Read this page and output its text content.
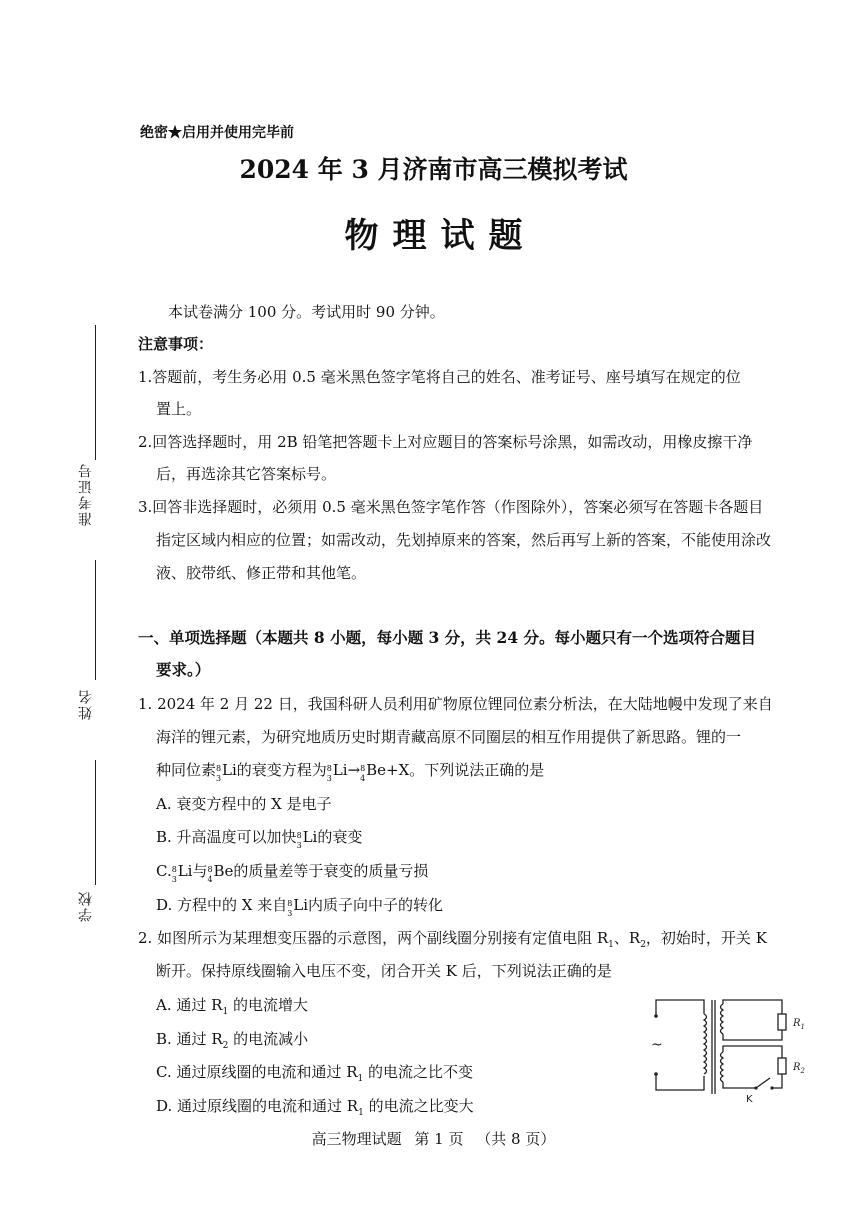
准考证号
姓名
学校
绝密★启用并使用完毕前
2024 年 3 月济南市高三模拟考试
物理试题
本试卷满分 100 分。考试用时 90 分钟。
注意事项：
1.答题前，考生务必用 0.5 毫米黑色签字笔将自己的姓名、准考证号、座号填写在规定的位
置上。
2.回答选择题时，用 2B 铅笔把答题卡上对应题目的答案标号涂黑，如需改动，用橡皮擦干净
后，再选涂其它答案标号。
3.回答非选择题时，必须用 0.5 毫米黑色签字笔作答（作图除外），答案必须写在答题卡各题目
指定区域内相应的位置；如需改动，先划掉原来的答案，然后再写上新的答案，不能使用涂改
液、胶带纸、修正带和其他笔。
一、单项选择题（本题共 8 小题，每小题 3 分，共 24 分。每小题只有一个选项符合题目
要求。）
1. 2024 年 2 月 22 日，我国科研人员利用矿物原位锂同位素分析法，在大陆地幔中发现了来自
海洋的锂元素，为研究地质历史时期青藏高原不同圈层的相互作用提供了新思路。锂的一
种同位素 8
3 Li的衰变方程为 8
3 Li→ 8
4 Be+X。下列说法正确的是
A. 衰变方程中的 X 是电子
B. 升高温度可以加快 8
3 Li的衰变
C. 8
3 Li与 8
4 Be的质量差等于衰变的质量亏损
D. 方程中的 X 来自 8
3 Li内质子向中子的转化
2. 如图所示为某理想变压器的示意图，两个副线圈分别接有定值电阻 $R_1$、$R_2$，初始时，开关 K
断开。保持原线圈输入电压不变，闭合开关 K 后，下列说法正确的是
A. 通过 $R_1$ 的电流增大
B. 通过 $R_2$ 的电流减小
C. 通过原线圈的电流和通过 $R_1$ 的电流之比不变
D. 通过原线圈的电流和通过 $R_1$ 的电流之比变大
~
$R_1$
$R_2$
K
高三物理试题 第 1 页 （共 8 页）
